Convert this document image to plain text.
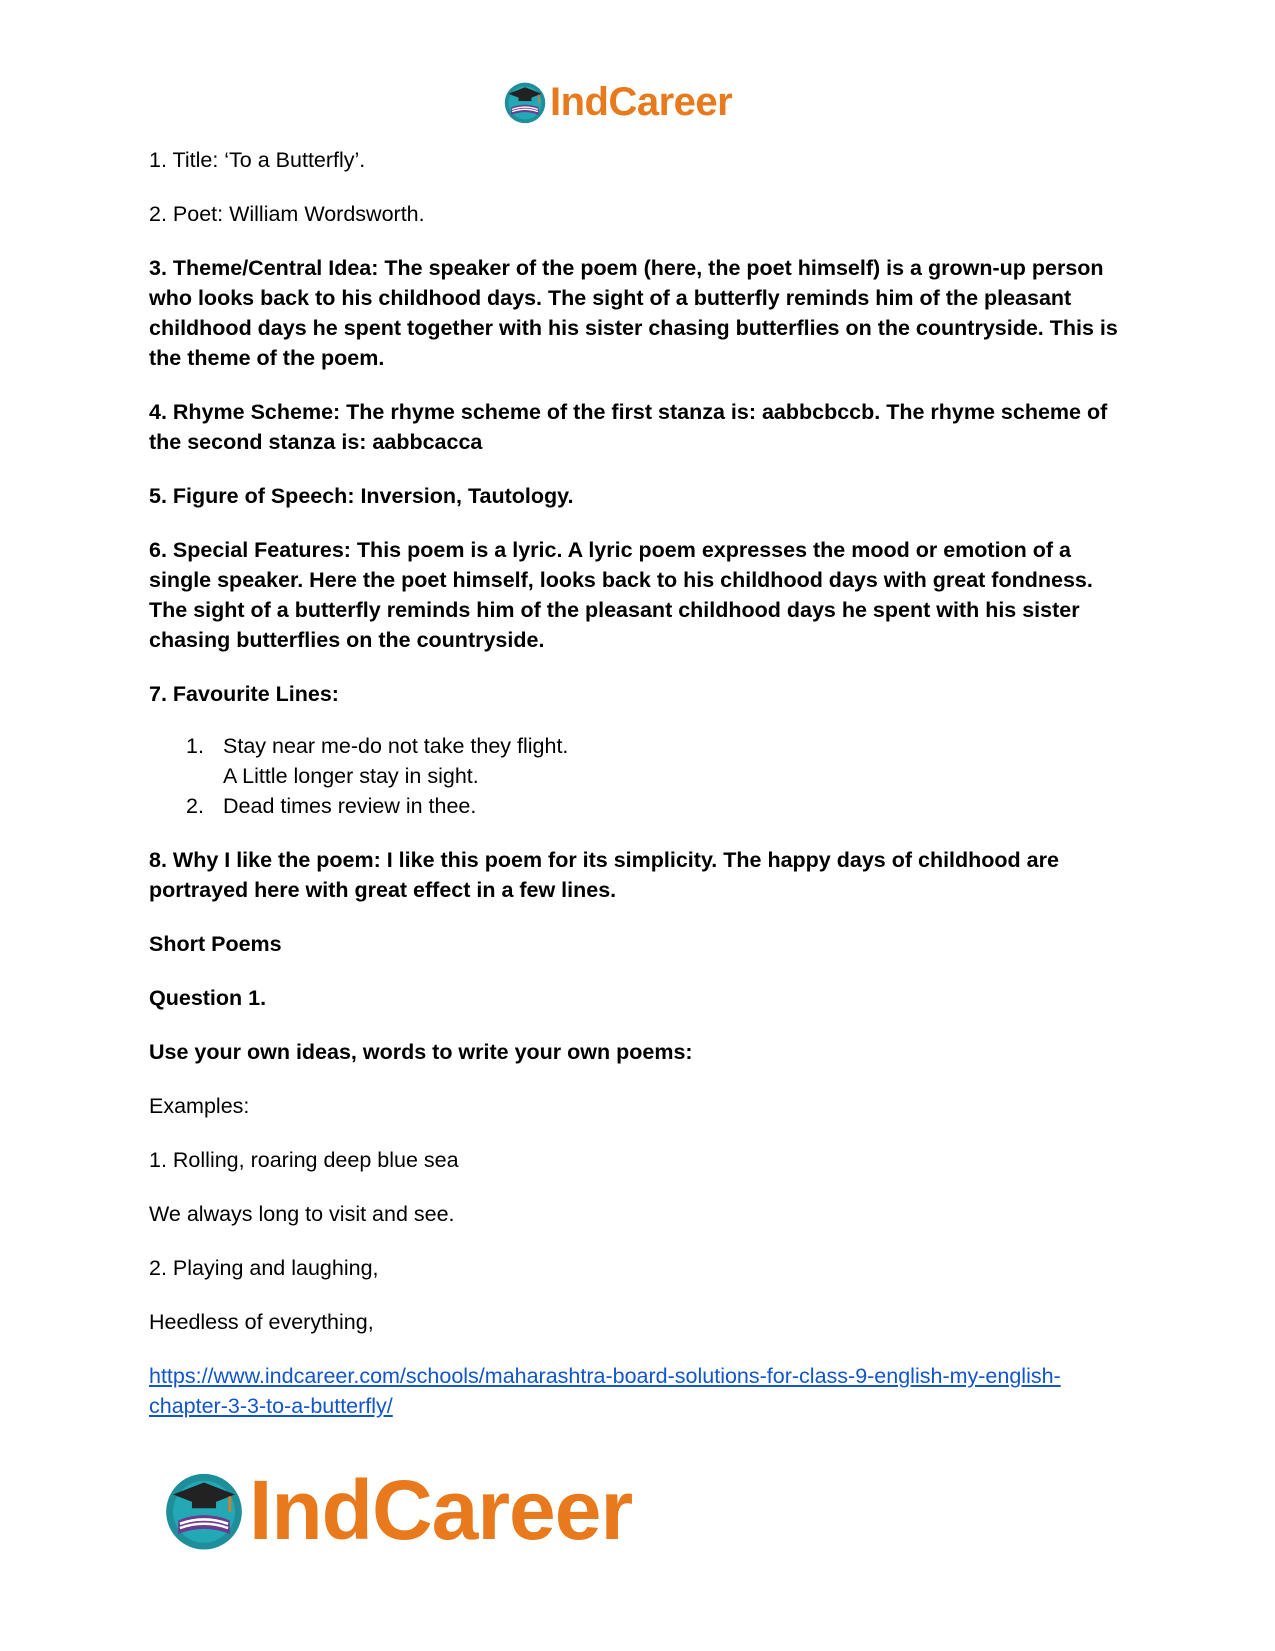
IndCareer

1. Title: ‘To a Butterfly’.

2. Poet: William Wordsworth.

3. Theme/Central Idea: The speaker of the poem (here, the poet himself) is a grown-up person who looks back to his childhood days. The sight of a butterfly reminds him of the pleasant childhood days he spent together with his sister chasing butterflies on the countryside. This is the theme of the poem.

4. Rhyme Scheme: The rhyme scheme of the first stanza is: aabbcbccb. The rhyme scheme of the second stanza is: aabbcacca

5. Figure of Speech: Inversion, Tautology.

6. Special Features: This poem is a lyric. A lyric poem expresses the mood or emotion of a single speaker. Here the poet himself, looks back to his childhood days with great fondness. The sight of a butterfly reminds him of the pleasant childhood days he spent with his sister chasing butterflies on the countryside.

7. Favourite Lines:

1. Stay near me-do not take they flight.
A Little longer stay in sight.
2. Dead times review in thee.

8. Why I like the poem: I like this poem for its simplicity. The happy days of childhood are portrayed here with great effect in a few lines.

Short Poems

Question 1.

Use your own ideas, words to write your own poems:

Examples:

1. Rolling, roaring deep blue sea

We always long to visit and see.

2. Playing and laughing,

Heedless of everything,

https://www.indcareer.com/schools/maharashtra-board-solutions-for-class-9-english-my-english-chapter-3-3-to-a-butterfly/
IndCareer
